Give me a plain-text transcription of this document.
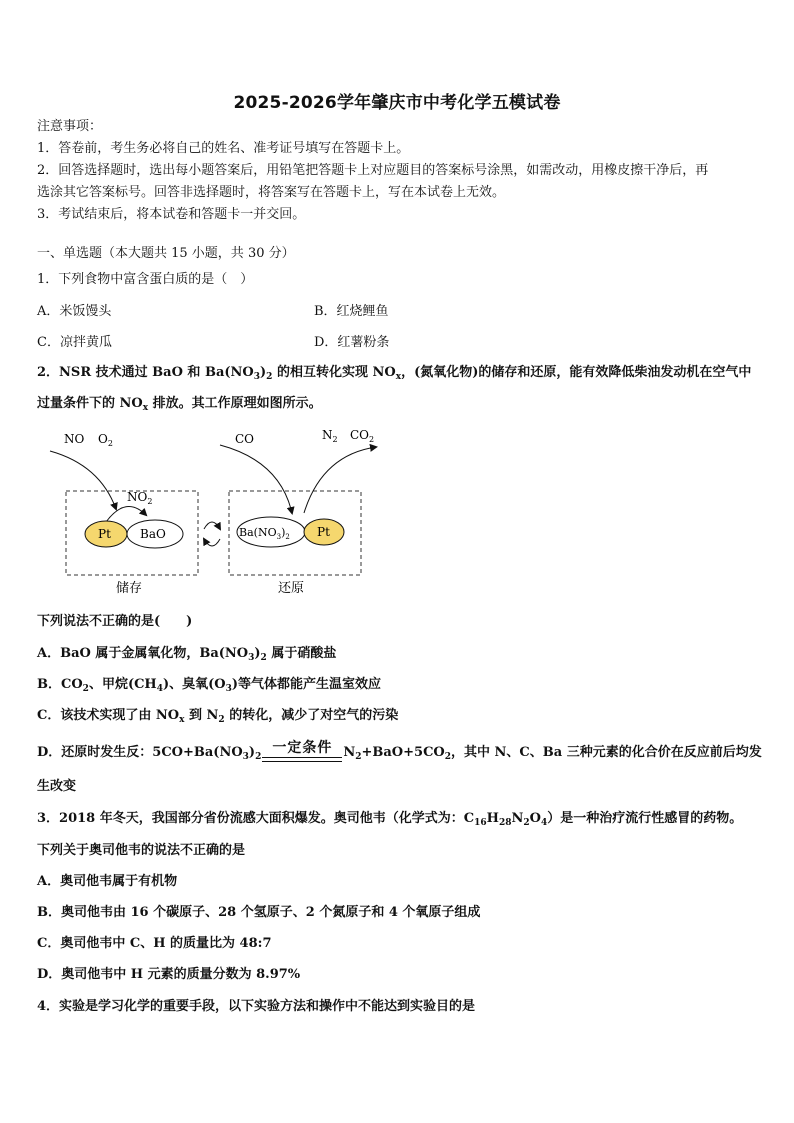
2025-2026学年肇庆市中考化学五模试卷
注意事项：
1．答卷前，考生务必将自己的姓名、准考证号填写在答题卡上。
2．回答选择题时，选出每小题答案后，用铅笔把答题卡上对应题目的答案标号涂黑，如需改动，用橡皮擦干净后，再
选涂其它答案标号。回答非选择题时，将答案写在答题卡上，写在本试卷上无效。
3．考试结束后，将本试卷和答题卡一并交回。
一、单选题（本大题共 15 小题，共 30 分）
1．下列食物中富含蛋白质的是（　）
A．米饭馒头	B．红烧鲤鱼
C．凉拌黄瓜	D．红薯粉条
2．NSR 技术通过 BaO 和 $Ba(NO_3)_2$ 的相互转化实现 $NO_x$，(氮氧化物)的储存和还原，能有效降低柴油发动机在空气中
过量条件下的 $NO_x$ 排放。其工作原理如图所示。
NO $O_2$
$NO_2$
Pt BaO
CO	$N_2$ $CO_2$
$Ba(NO_3)_2$ Pt
储存	还原
下列说法不正确的是(　　)
A．BaO 属于金属氧化物，$Ba(NO_3)_2$ 属于硝酸盐
B．$CO_2$、甲烷$(CH_4)$、臭氧$(O_3)$等气体都能产生温室效应
C．该技术实现了由 $NO_x$ 到 $N_2$ 的转化，减少了对空气的污染
D．还原时发生反：$5CO+Ba(NO_3)_2$
一定条件 $N_2+BaO+5CO_2$，其中 N、C、Ba 三种元素的化合价在反应前后均发
生改变
3．2018 年冬天，我国部分省份流感大面积爆发。奥司他韦（化学式为：$C_{16}H_{28}N_2O_4$）是一种治疗流行性感冒的药物。
下列关于奥司他韦的说法不正确的是
A．奥司他韦属于有机物
B．奥司他韦由 16 个碳原子、28 个氢原子、2 个氮原子和 4 个氧原子组成
C．奥司他韦中 C、H 的质量比为 48:7
D．奥司他韦中 H 元素的质量分数为 8.97%
4．实验是学习化学的重要手段，以下实验方法和操作中不能达到实验目的是
